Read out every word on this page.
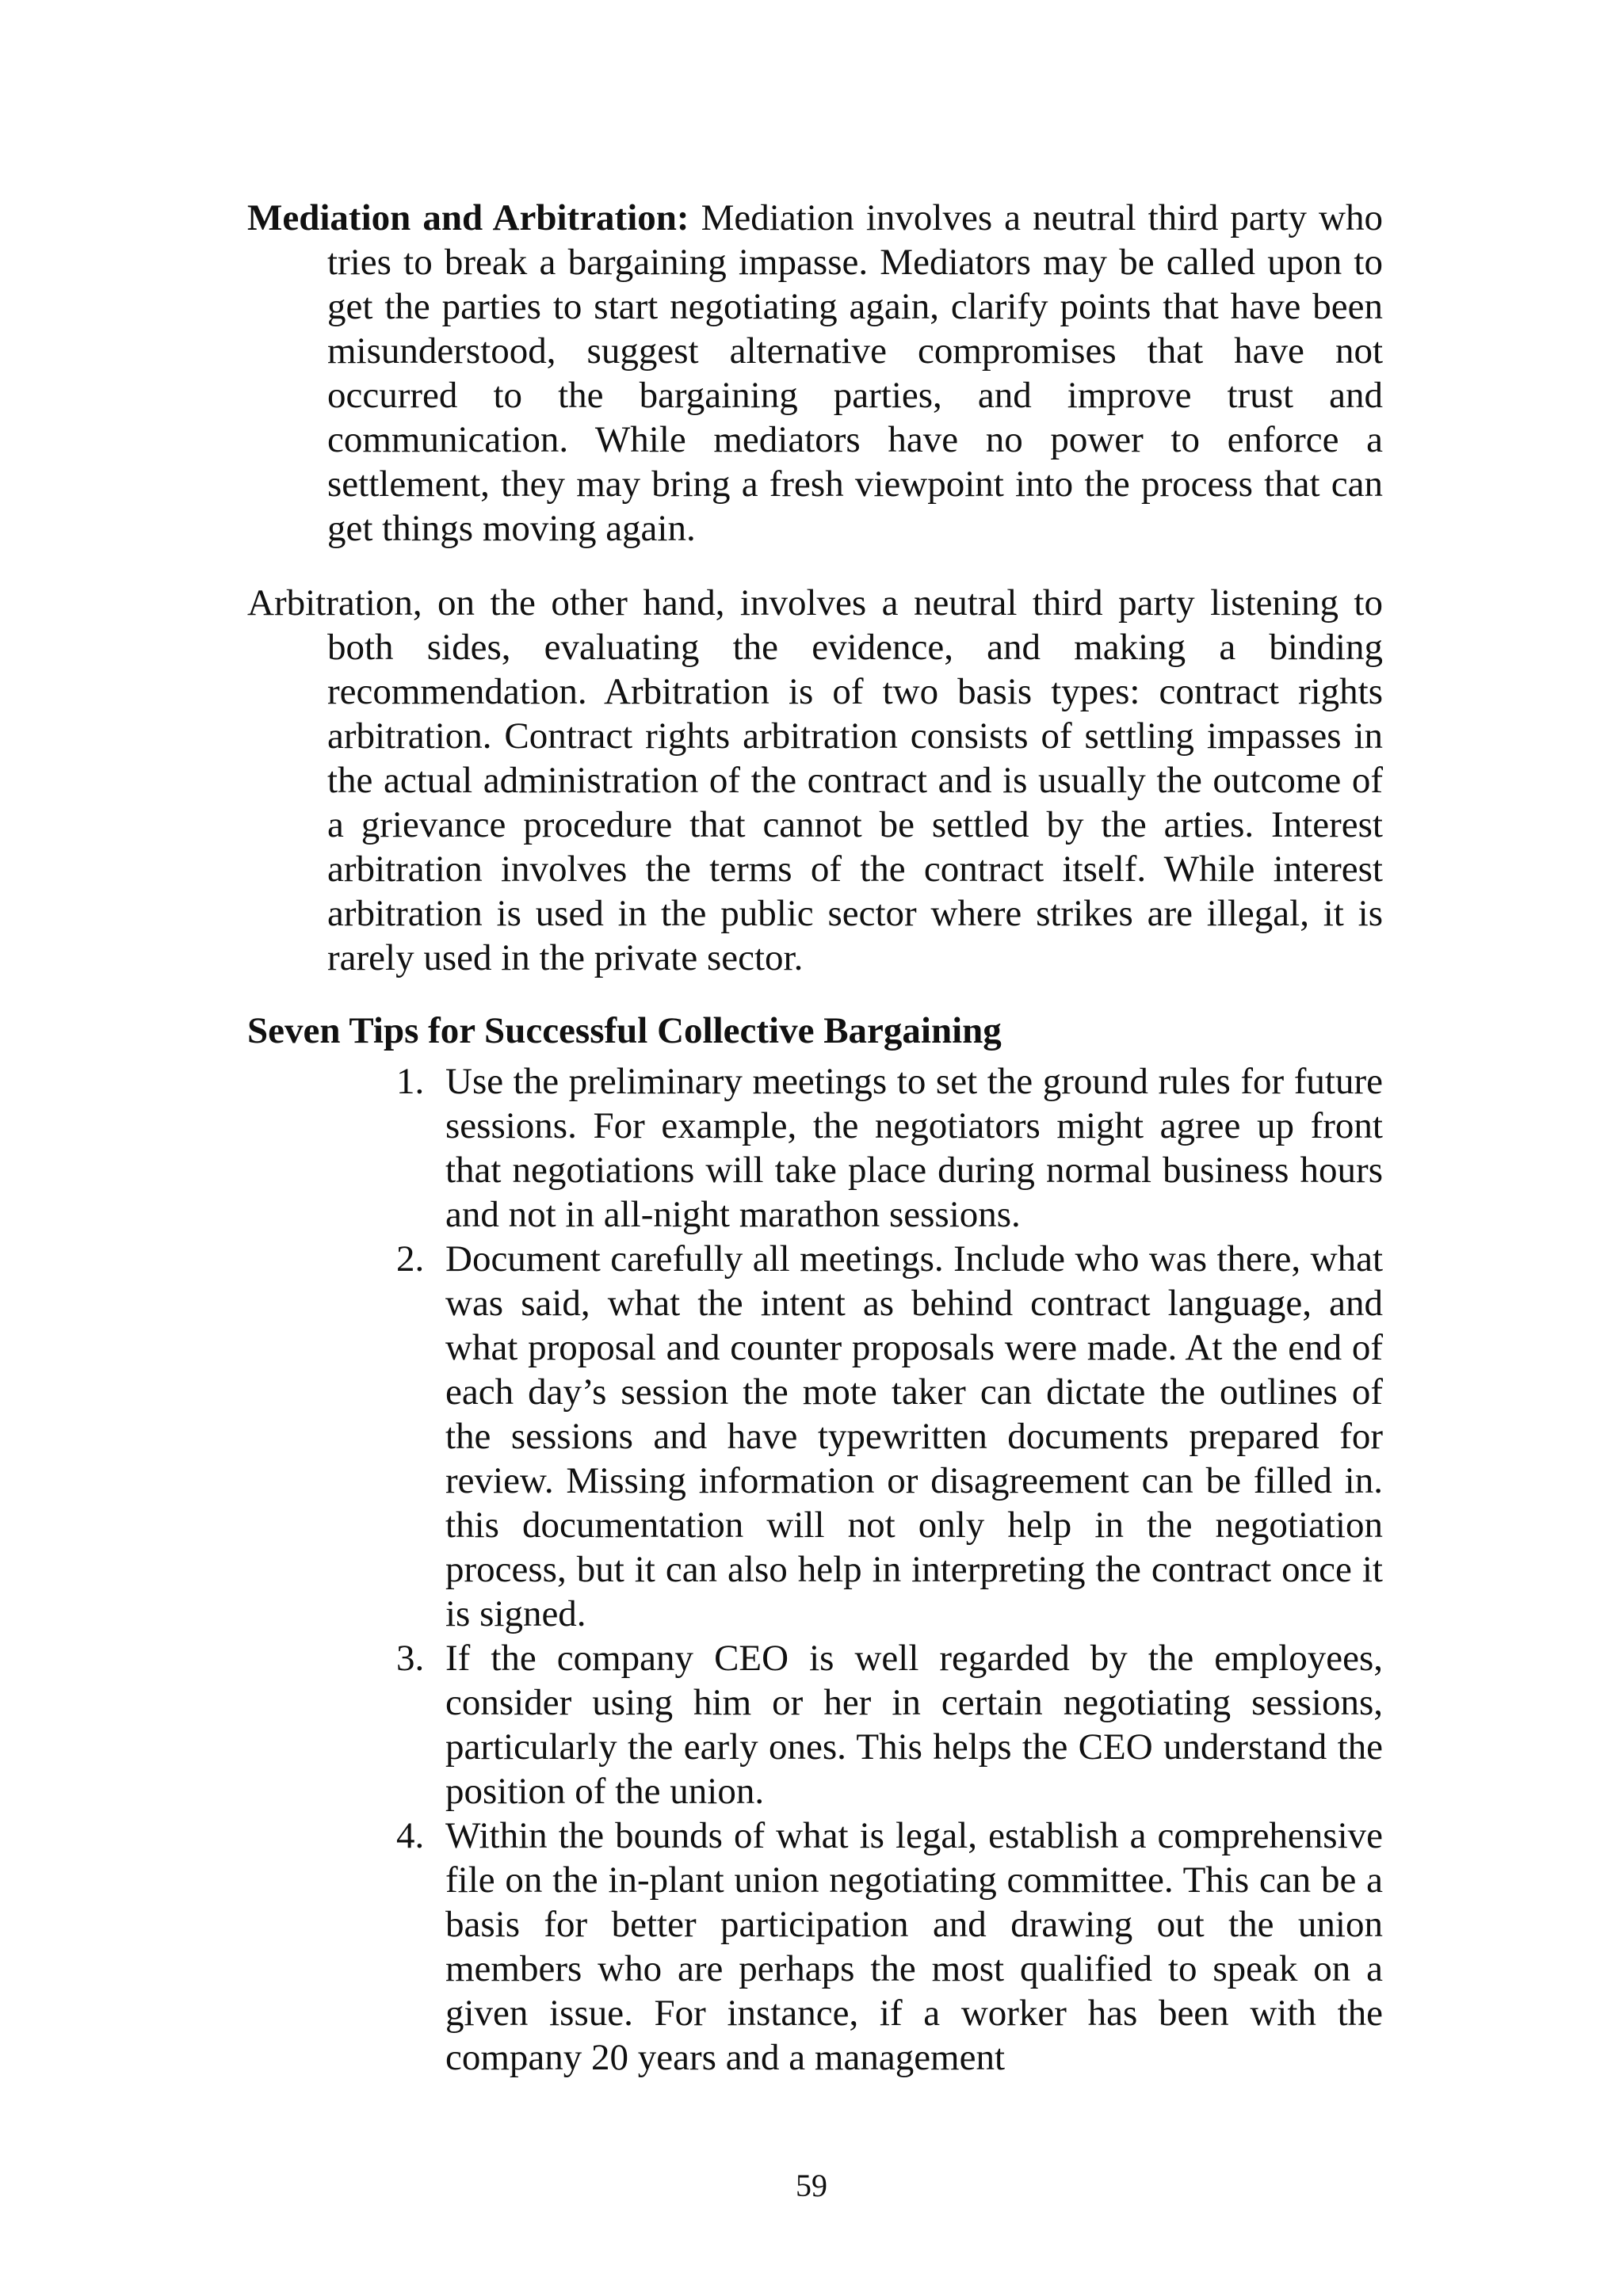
Mediation and Arbitration: Mediation involves a neutral third party who tries to break a bargaining impasse. Mediators may be called upon to get the parties to start negotiating again, clarify points that have been misunderstood, suggest alternative compromises that have not occurred to the bargaining parties, and improve trust and communication. While mediators have no power to enforce a settlement, they may bring a fresh viewpoint into the process that can get things moving again.

Arbitration, on the other hand, involves a neutral third party listening to both sides, evaluating the evidence, and making a binding recommendation. Arbitration is of two basis types: contract rights arbitration. Contract rights arbitration consists of settling impasses in the actual administration of the contract and is usually the outcome of a grievance procedure that cannot be settled by the arties. Interest arbitration involves the terms of the contract itself. While interest arbitration is used in the public sector where strikes are illegal, it is rarely used in the private sector.

Seven Tips for Successful Collective Bargaining
1. Use the preliminary meetings to set the ground rules for future sessions. For example, the negotiators might agree up front that negotiations will take place during normal business hours and not in all-night marathon sessions.
2. Document carefully all meetings. Include who was there, what was said, what the intent as behind contract language, and what proposal and counter proposals were made. At the end of each day’s session the mote taker can dictate the outlines of the sessions and have typewritten documents prepared for review. Missing information or disagreement can be filled in. this documentation will not only help in the negotiation process, but it can also help in interpreting the contract once it is signed.
3. If the company CEO is well regarded by the employees, consider using him or her in certain negotiating sessions, particularly the early ones. This helps the CEO understand the position of the union.
4. Within the bounds of what is legal, establish a comprehensive file on the in-plant union negotiating committee. This can be a basis for better participation and drawing out the union members who are perhaps the most qualified to speak on a given issue. For instance, if a worker has been with the company 20 years and a management
59
